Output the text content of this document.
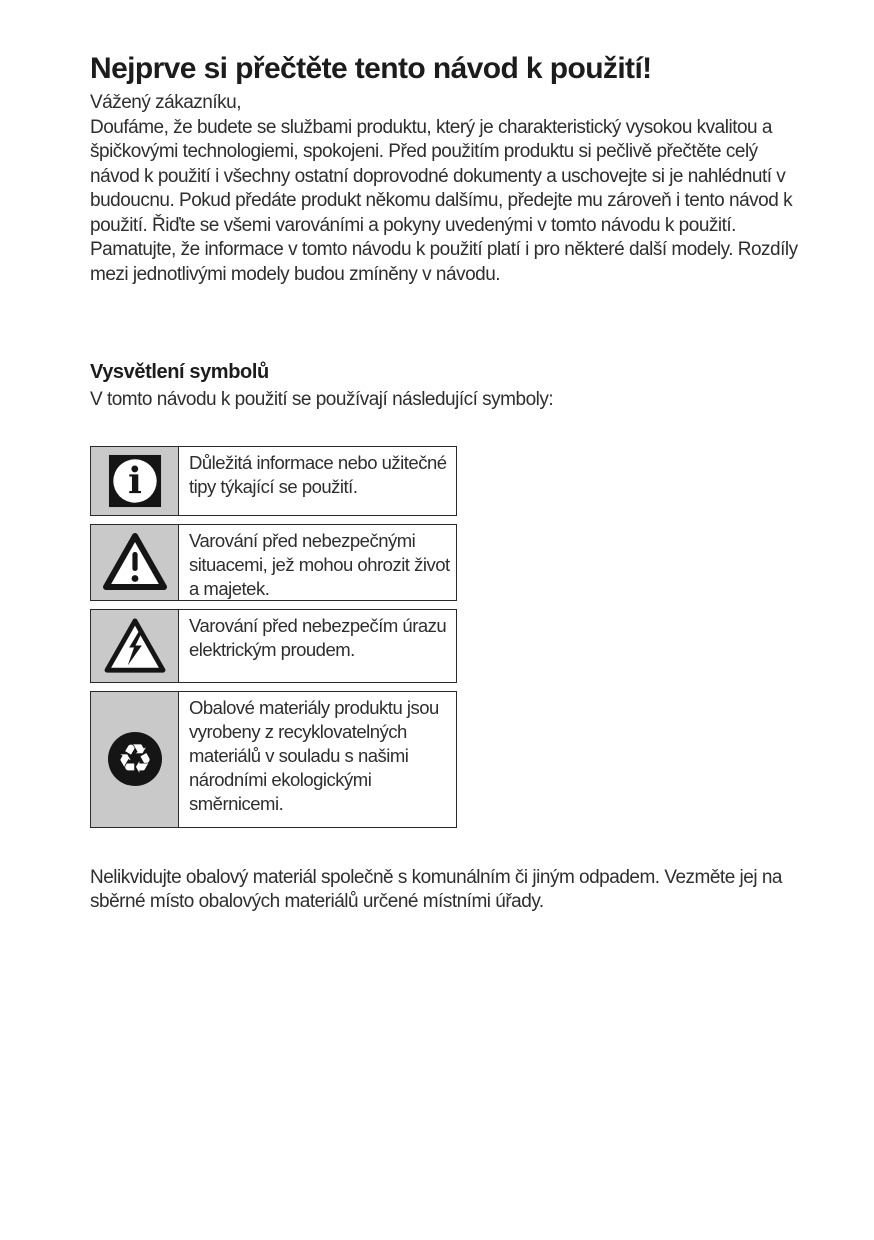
Nejprve si přečtěte tento návod k použití!
Vážený zákazníku,
Doufáme, že budete se službami produktu, který je charakteristický vysokou kvalitou a špičkovými technologiemi, spokojeni. Před použitím produktu si pečlivě přečtěte celý návod k použití i všechny ostatní doprovodné dokumenty a uschovejte si je nahlédnutí v budoucnu. Pokud předáte produkt někomu dalšímu, předejte mu zároveň i tento návod k použití. Řiďte se všemi varováními a pokyny uvedenými v tomto návodu k použití. Pamatujte, že informace v tomto návodu k použití platí i pro některé další modely. Rozdíly mezi jednotlivými modely budou zmíněny v návodu.
Vysvětlení symbolů
V tomto návodu k použití se používají následující symboly:
i	Důležitá informace nebo užitečné tipy týkající se použití.
Varování před nebezpečnými situacemi, jež mohou ohrozit život a majetek.
Varování před nebezpečím úrazu elektrickým proudem.
♻
Obalové materiály produktu jsou vyrobeny z recyklovatelných materiálů v souladu s našimi národními ekologickými směrnicemi.
Nelikvidujte obalový materiál společně s komunálním či jiným odpadem. Vezměte jej na sběrné místo obalových materiálů určené místními úřady.
